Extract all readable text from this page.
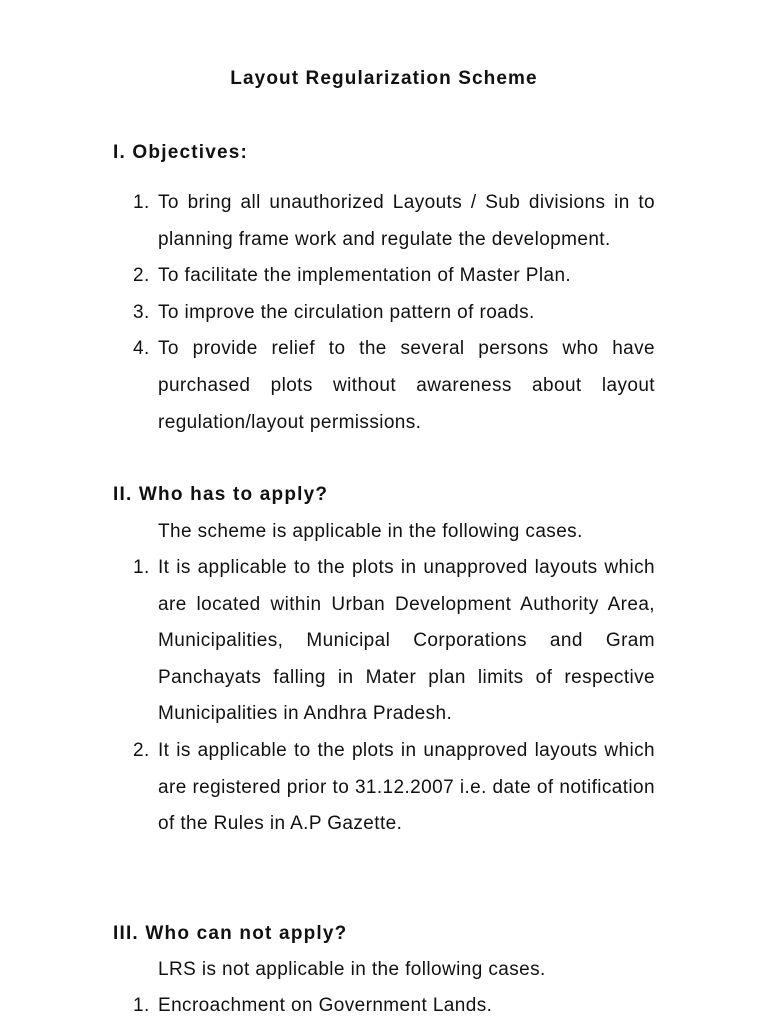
Layout Regularization Scheme
I. Objectives:
1. To bring all unauthorized Layouts / Sub divisions in to planning frame work and regulate the development.
2. To facilitate the implementation of Master Plan.
3. To improve the circulation pattern of roads.
4. To provide relief to the several persons who have purchased plots without awareness about layout regulation/layout permissions.
II. Who has to apply?
The scheme is applicable in the following cases.
1. It is applicable to the plots in unapproved layouts which are located within Urban Development Authority Area, Municipalities, Municipal Corporations and Gram Panchayats falling in Mater plan limits of respective Municipalities in Andhra Pradesh.
2. It is applicable to the plots in unapproved layouts which are registered prior to 31.12.2007 i.e. date of notification of the Rules in A.P Gazette.
III. Who can not apply?
LRS is not applicable in the following cases.
1. Encroachment on Government Lands.
